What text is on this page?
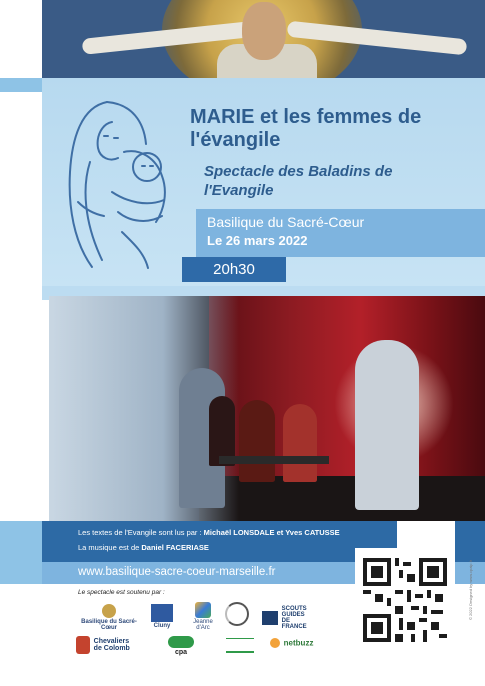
MARIE et les femmes de l'évangile
Spectacle des Baladins de l'Evangile
Basilique du Sacré-Cœur
Le 26 mars 2022
20h30
Les textes de l'Evangile sont lus par : Michaël LONSDALE et Yves CATUSSE
La musique est de Daniel FACERIASE
www.basilique-sacre-coeur-marseille.fr
Le spectacle est soutenu par :
Basilique du Sacré-Cœur	Cluny
Jeanne d'Arc
SCOUTS GUIDES DE FRANCE
Chevaliers de Colomb
cpa
netbuzz
© 2022 Designed by www.cpaip.fr
